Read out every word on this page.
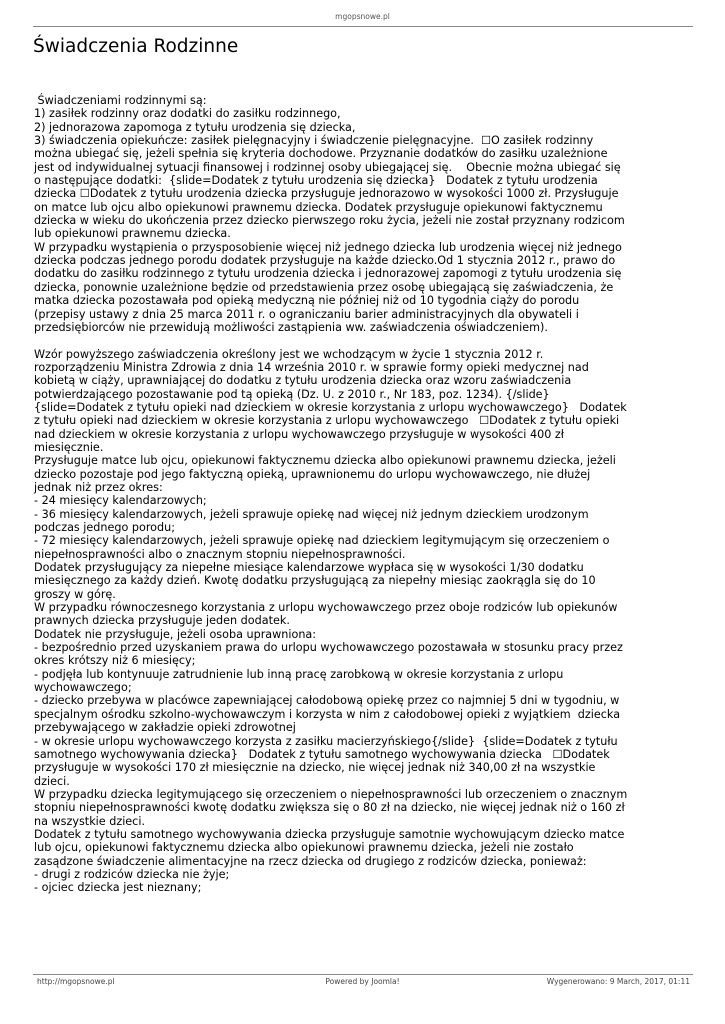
mgopsnowe.pl
Świadczenia Rodzinne
Świadczeniami rodzinnymi są:
1) zasiłek rodzinny oraz dodatki do zasiłku rodzinnego,
2) jednorazowa zapomoga z tytułu urodzenia się dziecka,
3) świadczenia opiekuńcze: zasiłek pielęgnacyjny i świadczenie pielęgnacyjne.  ☐O zasiłek rodzinny
można ubiegać się, jeżeli spełnia się kryteria dochodowe. Przyznanie dodatków do zasiłku uzależnione
jest od indywidualnej sytuacji finansowej i rodzinnej osoby ubiegającej się.    Obecnie można ubiegać się
o następujące dodatki:  {slide=Dodatek z tytułu urodzenia się dziecka}   Dodatek z tytułu urodzenia
dziecka ☐Dodatek z tytułu urodzenia dziecka przysługuje jednorazowo w wysokości 1000 zł. Przysługuje
on matce lub ojcu albo opiekunowi prawnemu dziecka. Dodatek przysługuje opiekunowi faktycznemu
dziecka w wieku do ukończenia przez dziecko pierwszego roku życia, jeżeli nie został przyznany rodzicom
lub opiekunowi prawnemu dziecka.
W przypadku wystąpienia o przysposobienie więcej niż jednego dziecka lub urodzenia więcej niż jednego
dziecka podczas jednego porodu dodatek przysługuje na każde dziecko.Od 1 stycznia 2012 r., prawo do
dodatku do zasiłku rodzinnego z tytułu urodzenia dziecka i jednorazowej zapomogi z tytułu urodzenia się
dziecka, ponownie uzależnione będzie od przedstawienia przez osobę ubiegającą się zaświadczenia, że
matka dziecka pozostawała pod opieką medyczną nie później niż od 10 tygodnia ciąży do porodu
(przepisy ustawy z dnia 25 marca 2011 r. o ograniczaniu barier administracyjnych dla obywateli i
przedsiębiorców nie przewidują możliwości zastąpienia ww. zaświadczenia oświadczeniem).
Wzór powyższego zaświadczenia określony jest we wchodzącym w życie 1 stycznia 2012 r.
rozporządzeniu Ministra Zdrowia z dnia 14 września 2010 r. w sprawie formy opieki medycznej nad
kobietą w ciąży, uprawniającej do dodatku z tytułu urodzenia dziecka oraz wzoru zaświadczenia
potwierdzającego pozostawanie pod tą opieką (Dz. U. z 2010 r., Nr 183, poz. 1234). {/slide}
{slide=Dodatek z tytułu opieki nad dzieckiem w okresie korzystania z urlopu wychowawczego}   Dodatek
z tytułu opieki nad dzieckiem w okresie korzystania z urlopu wychowawczego   ☐Dodatek z tytułu opieki
nad dzieckiem w okresie korzystania z urlopu wychowawczego przysługuje w wysokości 400 zł
miesięcznie.
Przysługuje matce lub ojcu, opiekunowi faktycznemu dziecka albo opiekunowi prawnemu dziecka, jeżeli
dziecko pozostaje pod jego faktyczną opieką, uprawnionemu do urlopu wychowawczego, nie dłużej
jednak niż przez okres:
- 24 miesięcy kalendarzowych;
- 36 miesięcy kalendarzowych, jeżeli sprawuje opiekę nad więcej niż jednym dzieckiem urodzonym
podczas jednego porodu;
- 72 miesięcy kalendarzowych, jeżeli sprawuje opiekę nad dzieckiem legitymującym się orzeczeniem o
niepełnosprawności albo o znacznym stopniu niepełnosprawności.
Dodatek przysługujący za niepełne miesiące kalendarzowe wypłaca się w wysokości 1/30 dodatku
miesięcznego za każdy dzień. Kwotę dodatku przysługującą za niepełny miesiąc zaokrągla się do 10
groszy w górę.
W przypadku równoczesnego korzystania z urlopu wychowawczego przez oboje rodziców lub opiekunów
prawnych dziecka przysługuje jeden dodatek.
Dodatek nie przysługuje, jeżeli osoba uprawniona:
- bezpośrednio przed uzyskaniem prawa do urlopu wychowawczego pozostawała w stosunku pracy przez
okres krótszy niż 6 miesięcy;
- podjęła lub kontynuuje zatrudnienie lub inną pracę zarobkową w okresie korzystania z urlopu
wychowawczego;
- dziecko przebywa w placówce zapewniającej całodobową opiekę przez co najmniej 5 dni w tygodniu, w
specjalnym ośrodku szkolno-wychowawczym i korzysta w nim z całodobowej opieki z wyjątkiem  dziecka
przebywającego w zakładzie opieki zdrowotnej
- w okresie urlopu wychowawczego korzysta z zasiłku macierzyńskiego{/slide}  {slide=Dodatek z tytułu
samotnego wychowywania dziecka}   Dodatek z tytułu samotnego wychowywania dziecka   ☐Dodatek
przysługuje w wysokości 170 zł miesięcznie na dziecko, nie więcej jednak niż 340,00 zł na wszystkie
dzieci.
W przypadku dziecka legitymującego się orzeczeniem o niepełnosprawności lub orzeczeniem o znacznym
stopniu niepełnosprawności kwotę dodatku zwiększa się o 80 zł na dziecko, nie więcej jednak niż o 160 zł
na wszystkie dzieci.
Dodatek z tytułu samotnego wychowywania dziecka przysługuje samotnie wychowującym dziecko matce
lub ojcu, opiekunowi faktycznemu dziecka albo opiekunowi prawnemu dziecka, jeżeli nie zostało
zasądzone świadczenie alimentacyjne na rzecz dziecka od drugiego z rodziców dziecka, ponieważ:
- drugi z rodziców dziecka nie żyje;
- ojciec dziecka jest nieznany;
http://mgopsnowe.pl	Powered by Joomla!	Wygenerowano: 9 March, 2017, 01:11
